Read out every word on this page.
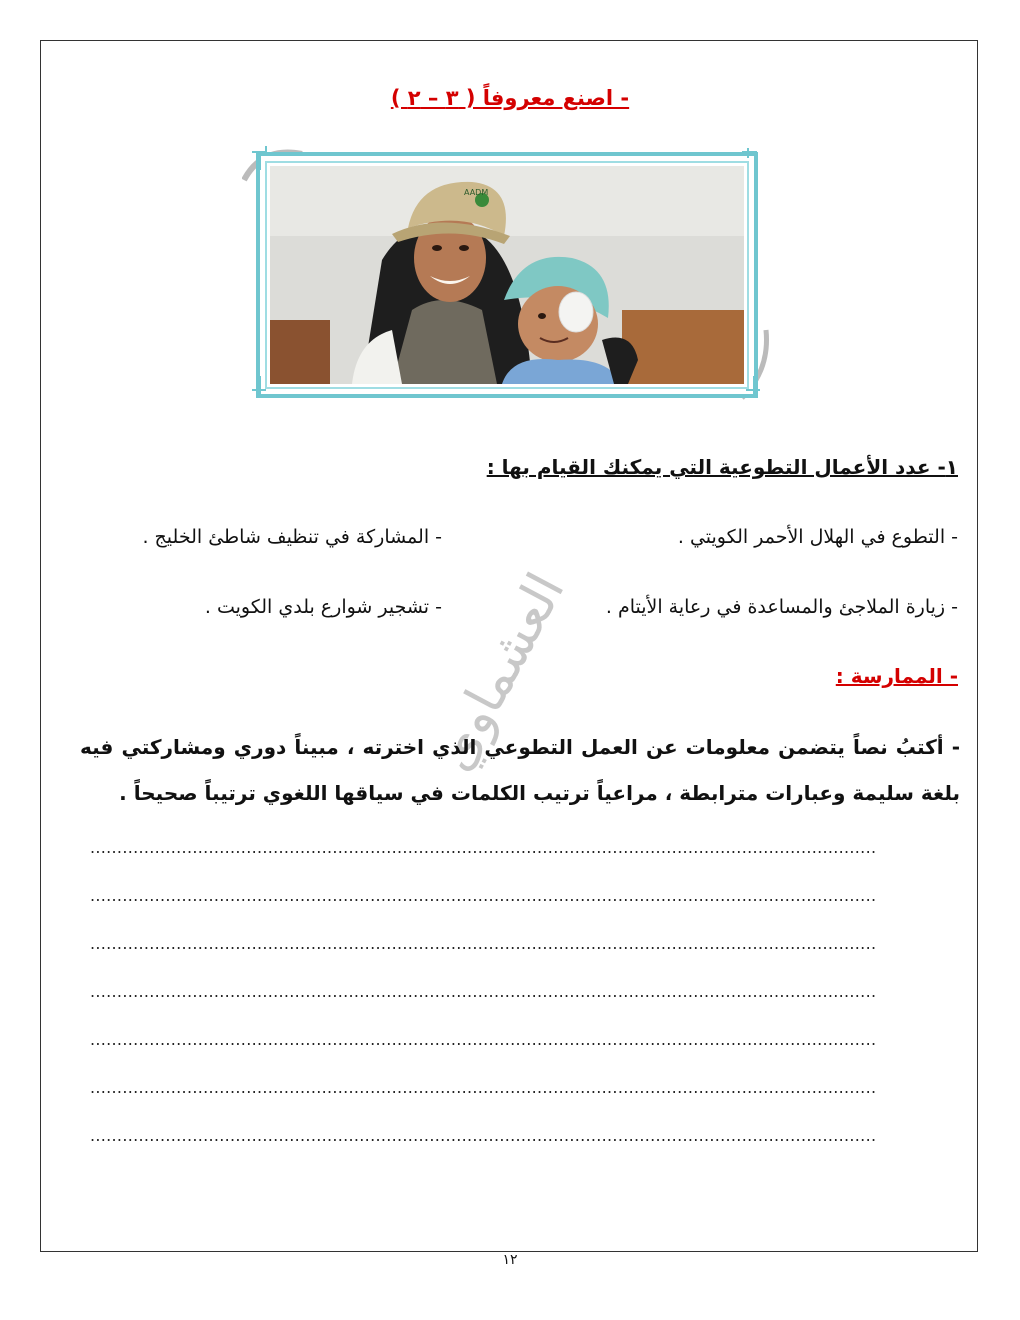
- اصنع معروفاً ( ٣ – ٢ )
AADM
١- عدد الأعمال التطوعية التي يمكنك القيام بها :
- التطوع في الهلال الأحمر الكويتي .
- المشاركة في تنظيف شاطئ الخليج .
- زيارة الملاجئ والمساعدة في رعاية الأيتام .
- تشجير شوارع بلدي الكويت .
العشماوي	- الممارسة :
- أكتبُ نصاً يتضمن معلومات عن العمل التطوعي الذي اخترته ، مبيناً دوري ومشاركتي فيه بلغة سليمة وعبارات مترابطة ، مراعياً ترتيب الكلمات في سياقها اللغوي ترتيباً صحيحاً .
..................................................................................................................................................
..................................................................................................................................................
..................................................................................................................................................
..................................................................................................................................................
..................................................................................................................................................
..................................................................................................................................................
..................................................................................................................................................
١٢
